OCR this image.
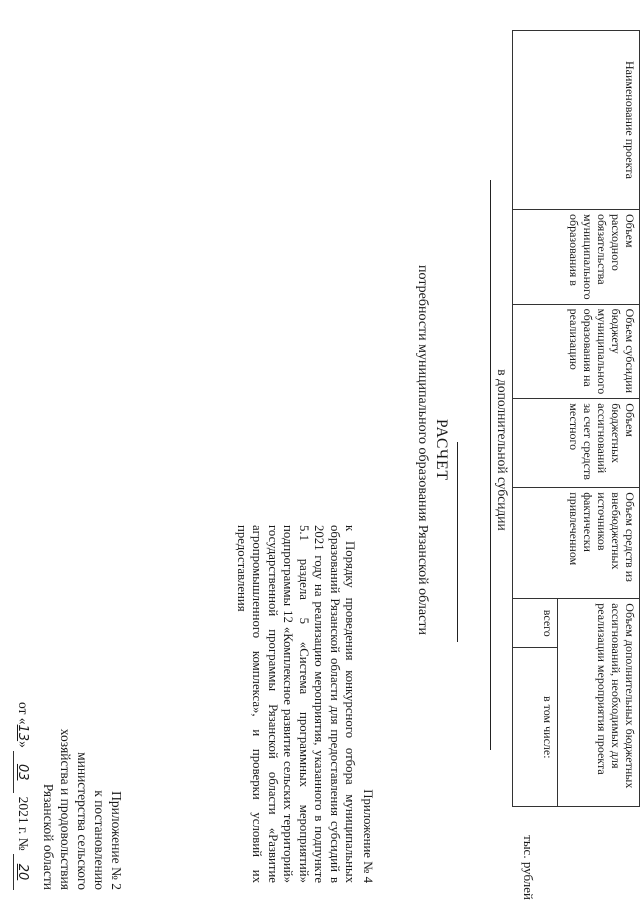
Приложение № 2
к постановлению
министерства сельского
хозяйства и продовольствия
Рязанской области
от «13» 03 2021 г. № 20	Приложение № 4
к Порядку проведения конкурсного отбора муниципальных образований Рязанской области для предоставления субсидий в 2021 году на реализацию мероприятия, указанного в подпункте 5.1 раздела 5 «Система программных мероприятий» подпрограммы 12 «Комплексное развитие сельских территорий» государственной программы Рязанской области «Развитие агропромышленного комплекса», и проверки условий их предоставления
РАСЧЕТ
потребности муниципального образования Рязанской области	в дополнительной субсидии
тыс. рублей
Наименование проекта	Объем расходного обязательства муниципального образования в	Объем субсидии бюджету муниципального образования на реализацию	Объем бюджетных ассигнований за счет средств местного	Объем средств из внебюджетных источников фактически привлеченном	Объем дополнительных бюджетных ассигнований, необходимых для реализации мероприятия проекта	

					всего	в том числе:
